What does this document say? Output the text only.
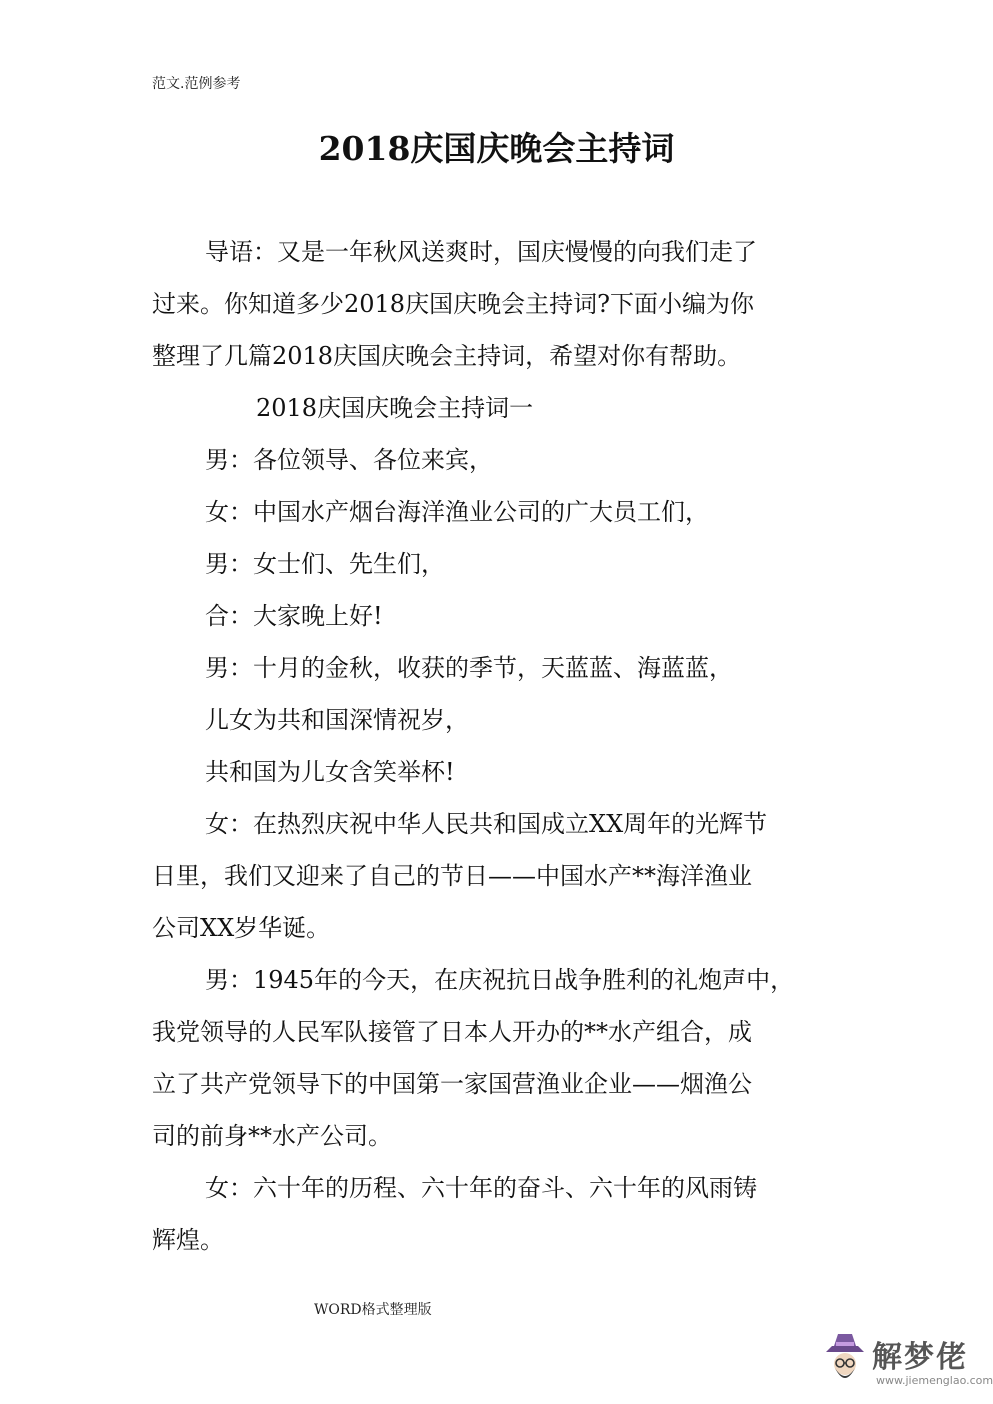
范文.范例参考
2018庆国庆晚会主持词
导语：又是一年秋风送爽时，国庆慢慢的向我们走了
过来。你知道多少2018庆国庆晚会主持词?下面小编为你
整理了几篇2018庆国庆晚会主持词，希望对你有帮助。
2018庆国庆晚会主持词一
男：各位领导、各位来宾，
女：中国水产烟台海洋渔业公司的广大员工们，
男：女士们、先生们，
合：大家晚上好!
男：十月的金秋，收获的季节，天蓝蓝、海蓝蓝，
儿女为共和国深情祝岁，
共和国为儿女含笑举杯!
女：在热烈庆祝中华人民共和国成立XX周年的光辉节
日里，我们又迎来了自己的节日——中国水产**海洋渔业
公司XX岁华诞。
男：1945年的今天，在庆祝抗日战争胜利的礼炮声中，
我党领导的人民军队接管了日本人开办的**水产组合，成
立了共产党领导下的中国第一家国营渔业企业——烟渔公
司的前身**水产公司。
女：六十年的历程、六十年的奋斗、六十年的风雨铸
辉煌。
WORD格式整理版
解梦佬
www.jiemenglao.com
